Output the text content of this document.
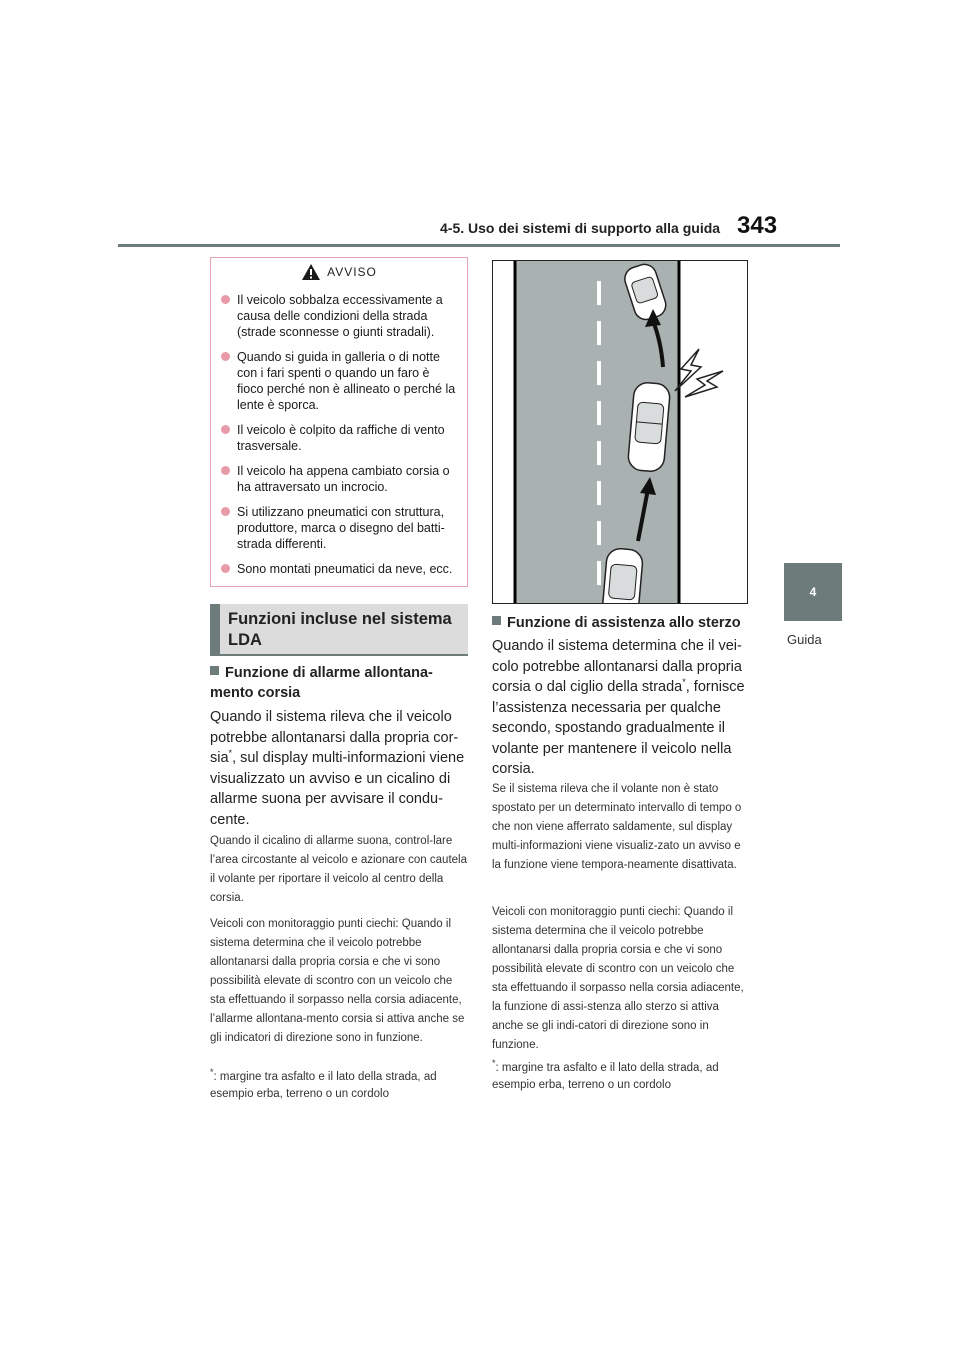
4-5. Uso dei sistemi di supporto alla guida 343
4
Guida
AVVISO
Il veicolo sobbalza eccessivamente a causa delle condizioni della strada (strade sconnesse o giunti stradali).
Quando si guida in galleria o di notte con i fari spenti o quando un faro è fioco perché non è allineato o perché la lente è sporca.
Il veicolo è colpito da raffiche di vento trasversale.
Il veicolo ha appena cambiato corsia o ha attraversato un incrocio.
Si utilizzano pneumatici con struttura, produttore, marca o disegno del batti-strada differenti.
Sono montati pneumatici da neve, ecc.
Funzioni incluse nel sistema LDA
Funzione di allarme allontana-mento corsia

Quando il sistema rileva che il veicolo potrebbe allontanarsi dalla propria cor-sia*, sul display multi-informazioni viene visualizzato un avviso e un cicalino di allarme suona per avvisare il condu-cente.

Quando il cicalino di allarme suona, control-lare l’area circostante al veicolo e azionare con cautela il volante per riportare il veicolo al centro della corsia.

Veicoli con monitoraggio punti ciechi: Quando il sistema determina che il veicolo potrebbe allontanarsi dalla propria corsia e che vi sono possibilità elevate di scontro con un veicolo che sta effettuando il sorpasso nella corsia adiacente, l’allarme allontana-mento corsia si attiva anche se gli indicatori di direzione sono in funzione.

*: margine tra asfalto e il lato della strada, ad esempio erba, terreno o un cordolo
Funzione di assistenza allo sterzo

Quando il sistema determina che il vei-colo potrebbe allontanarsi dalla propria corsia o dal ciglio della strada*, fornisce l’assistenza necessaria per qualche secondo, spostando gradualmente il volante per mantenere il veicolo nella corsia.

Se il sistema rileva che il volante non è stato spostato per un determinato intervallo di tempo o che non viene afferrato saldamente, sul display multi-informazioni viene visualiz-zato un avviso e la funzione viene tempora-neamente disattivata.

Veicoli con monitoraggio punti ciechi: Quando il sistema determina che il veicolo potrebbe allontanarsi dalla propria corsia e che vi sono possibilità elevate di scontro con un veicolo che sta effettuando il sorpasso nella corsia adiacente, la funzione di assi-stenza allo sterzo si attiva anche se gli indi-catori di direzione sono in funzione.

*: margine tra asfalto e il lato della strada, ad esempio erba, terreno o un cordolo
